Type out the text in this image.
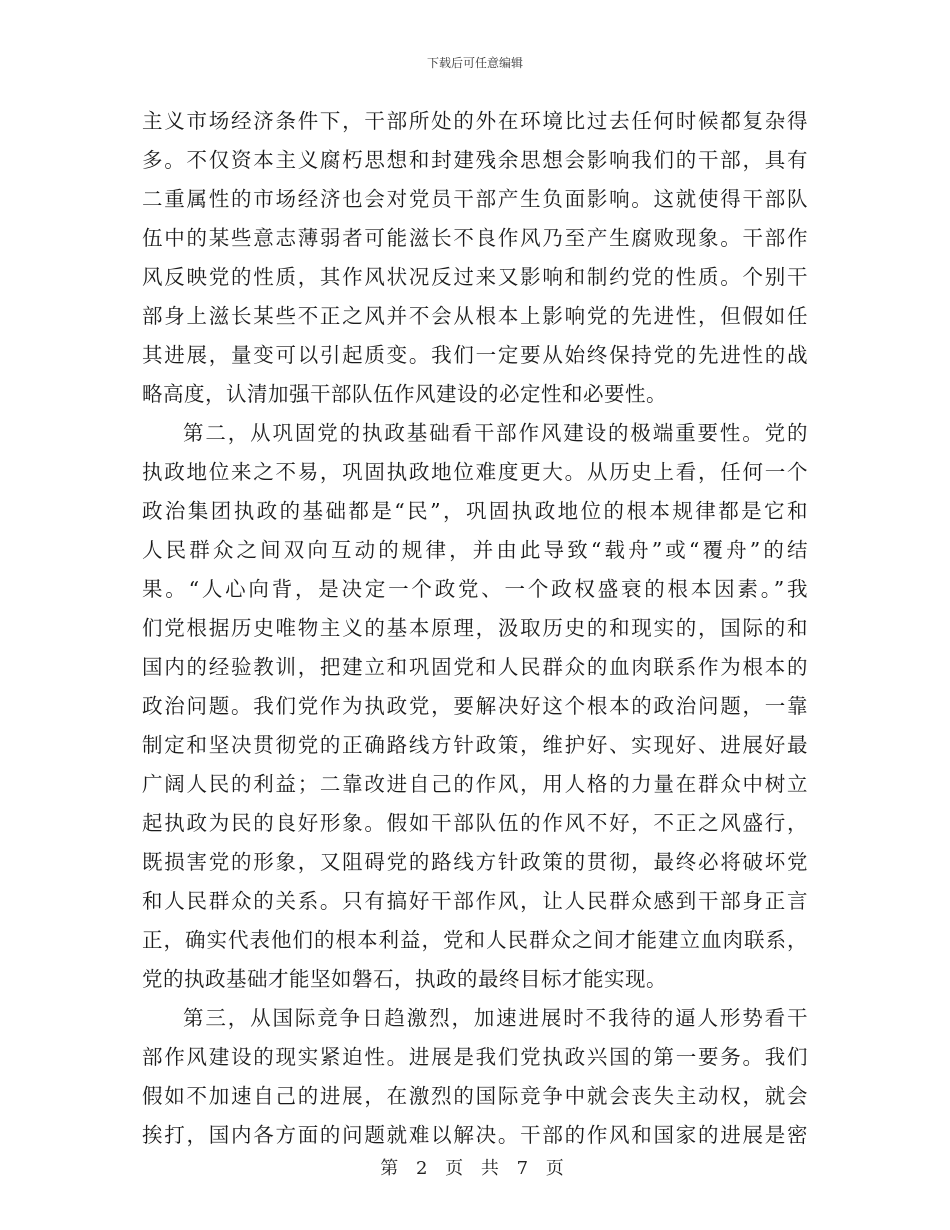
下载后可任意编辑
主义市场经济条件下，干部所处的外在环境比过去任何时候都复杂得
多。不仅资本主义腐朽思想和封建残余思想会影响我们的干部，具有
二重属性的市场经济也会对党员干部产生负面影响。这就使得干部队
伍中的某些意志薄弱者可能滋长不良作风乃至产生腐败现象。干部作
风反映党的性质，其作风状况反过来又影响和制约党的性质。个别干
部身上滋长某些不正之风并不会从根本上影响党的先进性，但假如任
其进展，量变可以引起质变。我们一定要从始终保持党的先进性的战
略高度，认清加强干部队伍作风建设的必定性和必要性。
第二，从巩固党的执政基础看干部作风建设的极端重要性。党的
执政地位来之不易，巩固执政地位难度更大。从历史上看，任何一个
政治集团执政的基础都是“民”，巩固执政地位的根本规律都是它和
人民群众之间双向互动的规律，并由此导致“载舟”或“覆舟”的结
果。“人心向背，是决定一个政党、一个政权盛衰的根本因素。”我
们党根据历史唯物主义的基本原理，汲取历史的和现实的，国际的和
国内的经验教训，把建立和巩固党和人民群众的血肉联系作为根本的
政治问题。我们党作为执政党，要解决好这个根本的政治问题，一靠
制定和坚决贯彻党的正确路线方针政策，维护好、实现好、进展好最
广阔人民的利益；二靠改进自己的作风，用人格的力量在群众中树立
起执政为民的良好形象。假如干部队伍的作风不好，不正之风盛行，
既损害党的形象，又阻碍党的路线方针政策的贯彻，最终必将破坏党
和人民群众的关系。只有搞好干部作风，让人民群众感到干部身正言
正，确实代表他们的根本利益，党和人民群众之间才能建立血肉联系，
党的执政基础才能坚如磐石，执政的最终目标才能实现。
第三，从国际竞争日趋激烈，加速进展时不我待的逼人形势看干
部作风建设的现实紧迫性。进展是我们党执政兴国的第一要务。我们
假如不加速自己的进展，在激烈的国际竞争中就会丧失主动权，就会
挨打，国内各方面的问题就难以解决。干部的作风和国家的进展是密
第 2 页 共 7 页
